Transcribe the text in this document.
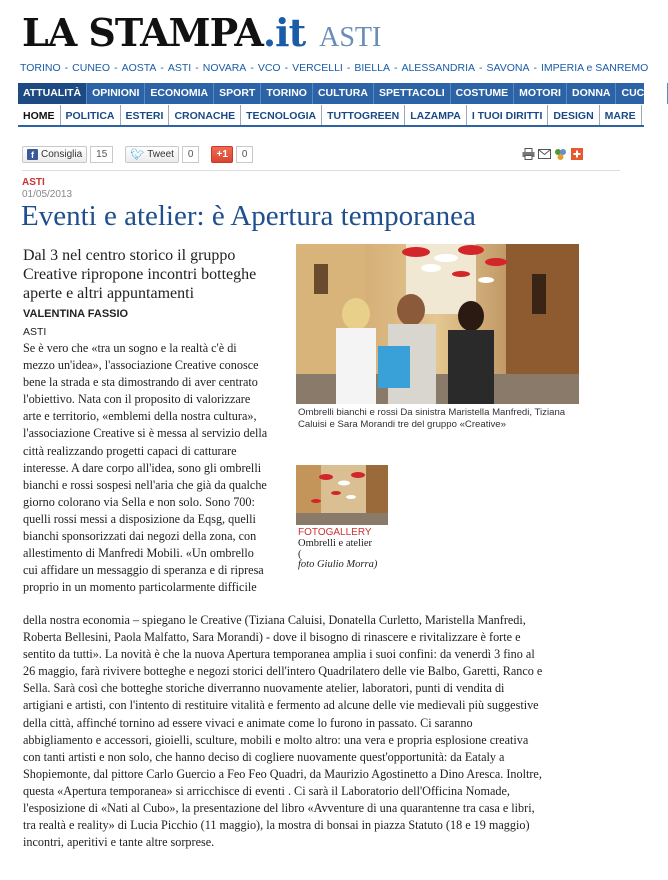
LA STAMPA .it ASTI
TORINO - CUNEO - AOSTA - ASTI - NOVARA - VCO - VERCELLI - BIELLA - ALESSANDRIA - SAVONA - IMPERIA e SANREMO
ATTUALITÀ	OPINIONI	ECONOMIA	SPORT	TORINO	CULTURA	SPETTACOLI	COSTUME	MOTORI	DONNA	CUCINA
HOME	POLITICA	ESTERI	CRONACHE	TECNOLOGIA	TUTTOGREEN	LAZAMPA	I TUOI DIRITTI	DESIGN	MARE
f Consiglia	15	🐦︎ Tweet	0	+1	0
ASTI
01/05/2013
Eventi e atelier: è Apertura temporanea
Dal 3 nel centro storico il gruppo Creative ripropone incontri botteghe aperte e altri appuntamenti
VALENTINA FASSIO
ASTI
Se è vero che «tra un sogno e la realtà c'è di
mezzo un'idea», l'associazione Creative conosce
bene la strada e sta dimostrando di aver centrato
l'obiettivo. Nata con il proposito di valorizzare
arte e territorio, «emblemi della nostra cultura»,
l'associazione Creative si è messa al servizio della
città realizzando progetti capaci di catturare
interesse. A dare corpo all'idea, sono gli ombrelli
bianchi e rossi sospesi nell'aria che già da qualche
giorno colorano via Sella e non solo. Sono 700:
quelli rossi messi a disposizione da Eqsg, quelli
bianchi sponsorizzati dai negozi della zona, con
allestimento di Manfredi Mobili. «Un ombrello
cui affidare un messaggio di speranza e di ripresa
proprio in un momento particolarmente difficile
della nostra economia – spiegano le Creative (Tiziana Caluisi, Donatella Curletto, Maristella Manfredi,
Roberta Bellesini, Paola Malfatto, Sara Morandi) - dove il bisogno di rinascere e rivitalizzare è forte e
sentito da tutti». La novità è che la nuova Apertura temporanea amplia i suoi confini: da venerdì 3 fino al
26 maggio, farà rivivere botteghe e negozi storici dell'intero Quadrilatero delle vie Balbo, Garetti, Ranco e
Sella. Sarà così che botteghe storiche diverranno nuovamente atelier, laboratori, punti di vendita di
artigiani e artisti, con l'intento di restituire vitalità e fermento ad alcune delle vie medievali più suggestive
della città, affinché tornino ad essere vivaci e animate come lo furono in passato. Ci saranno
abbigliamento e accessori, gioielli, sculture, mobili e molto altro: una vera e propria esplosione creativa
con tanti artisti e non solo, che hanno deciso di cogliere nuovamente quest'opportunità: da Eataly a
Shopiemonte, dal pittore Carlo Guercio a Feo Feo Quadri, da Maurizio Agostinetto a Dino Aresca. Inoltre,
questa «Apertura temporanea» si arricchisce di eventi . Ci sarà il Laboratorio dell'Officina Nomade,
l'esposizione di «Nati al Cubo», la presentazione del libro «Avventure di una quarantenne tra casa e libri,
tra realtà e reality» di Lucia Picchio (11 maggio), la mostra di bonsai in piazza Statuto (18 e 19 maggio)
incontri, aperitivi e tante altre sorprese.
Ombrelli bianchi e rossi Da sinistra Maristella Manfredi, Tiziana Caluisi e Sara Morandi tre del gruppo «Creative»
FOTOGALLERY
Ombrelli e atelier
(
foto Giulio Morra)
